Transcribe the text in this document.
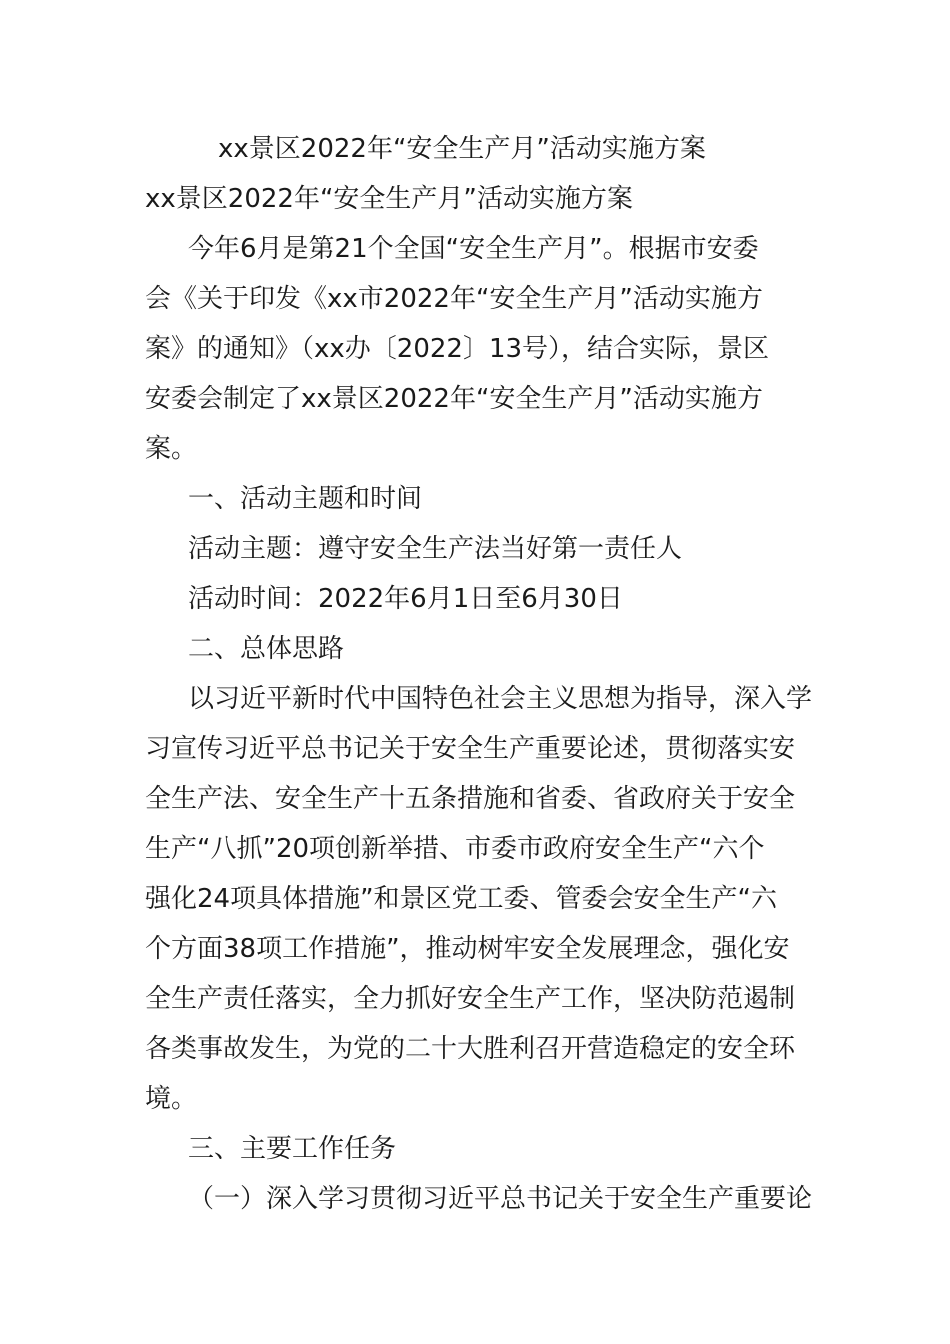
xx景区2022年“安全生产月”活动实施方案
xx景区2022年“安全生产月”活动实施方案
今年6月是第21个全国“安全生产月”。根据市安委
会《关于印发《xx市2022年“安全生产月”活动实施方
案》的通知》（xx办〔2022〕13号），结合实际，景区
安委会制定了xx景区2022年“安全生产月”活动实施方
案。
一、活动主题和时间
活动主题：遵守安全生产法当好第一责任人
活动时间：2022年6月1日至6月30日
二、总体思路
以习近平新时代中国特色社会主义思想为指导，深入学
习宣传习近平总书记关于安全生产重要论述，贯彻落实安
全生产法、安全生产十五条措施和省委、省政府关于安全
生产“八抓”20项创新举措、市委市政府安全生产“六个
强化24项具体措施”和景区党工委、管委会安全生产“六
个方面38项工作措施”，推动树牢安全发展理念，强化安
全生产责任落实，全力抓好安全生产工作，坚决防范遏制
各类事故发生，为党的二十大胜利召开营造稳定的安全环
境。
三、主要工作任务
（一）深入学习贯彻习近平总书记关于安全生产重要论
